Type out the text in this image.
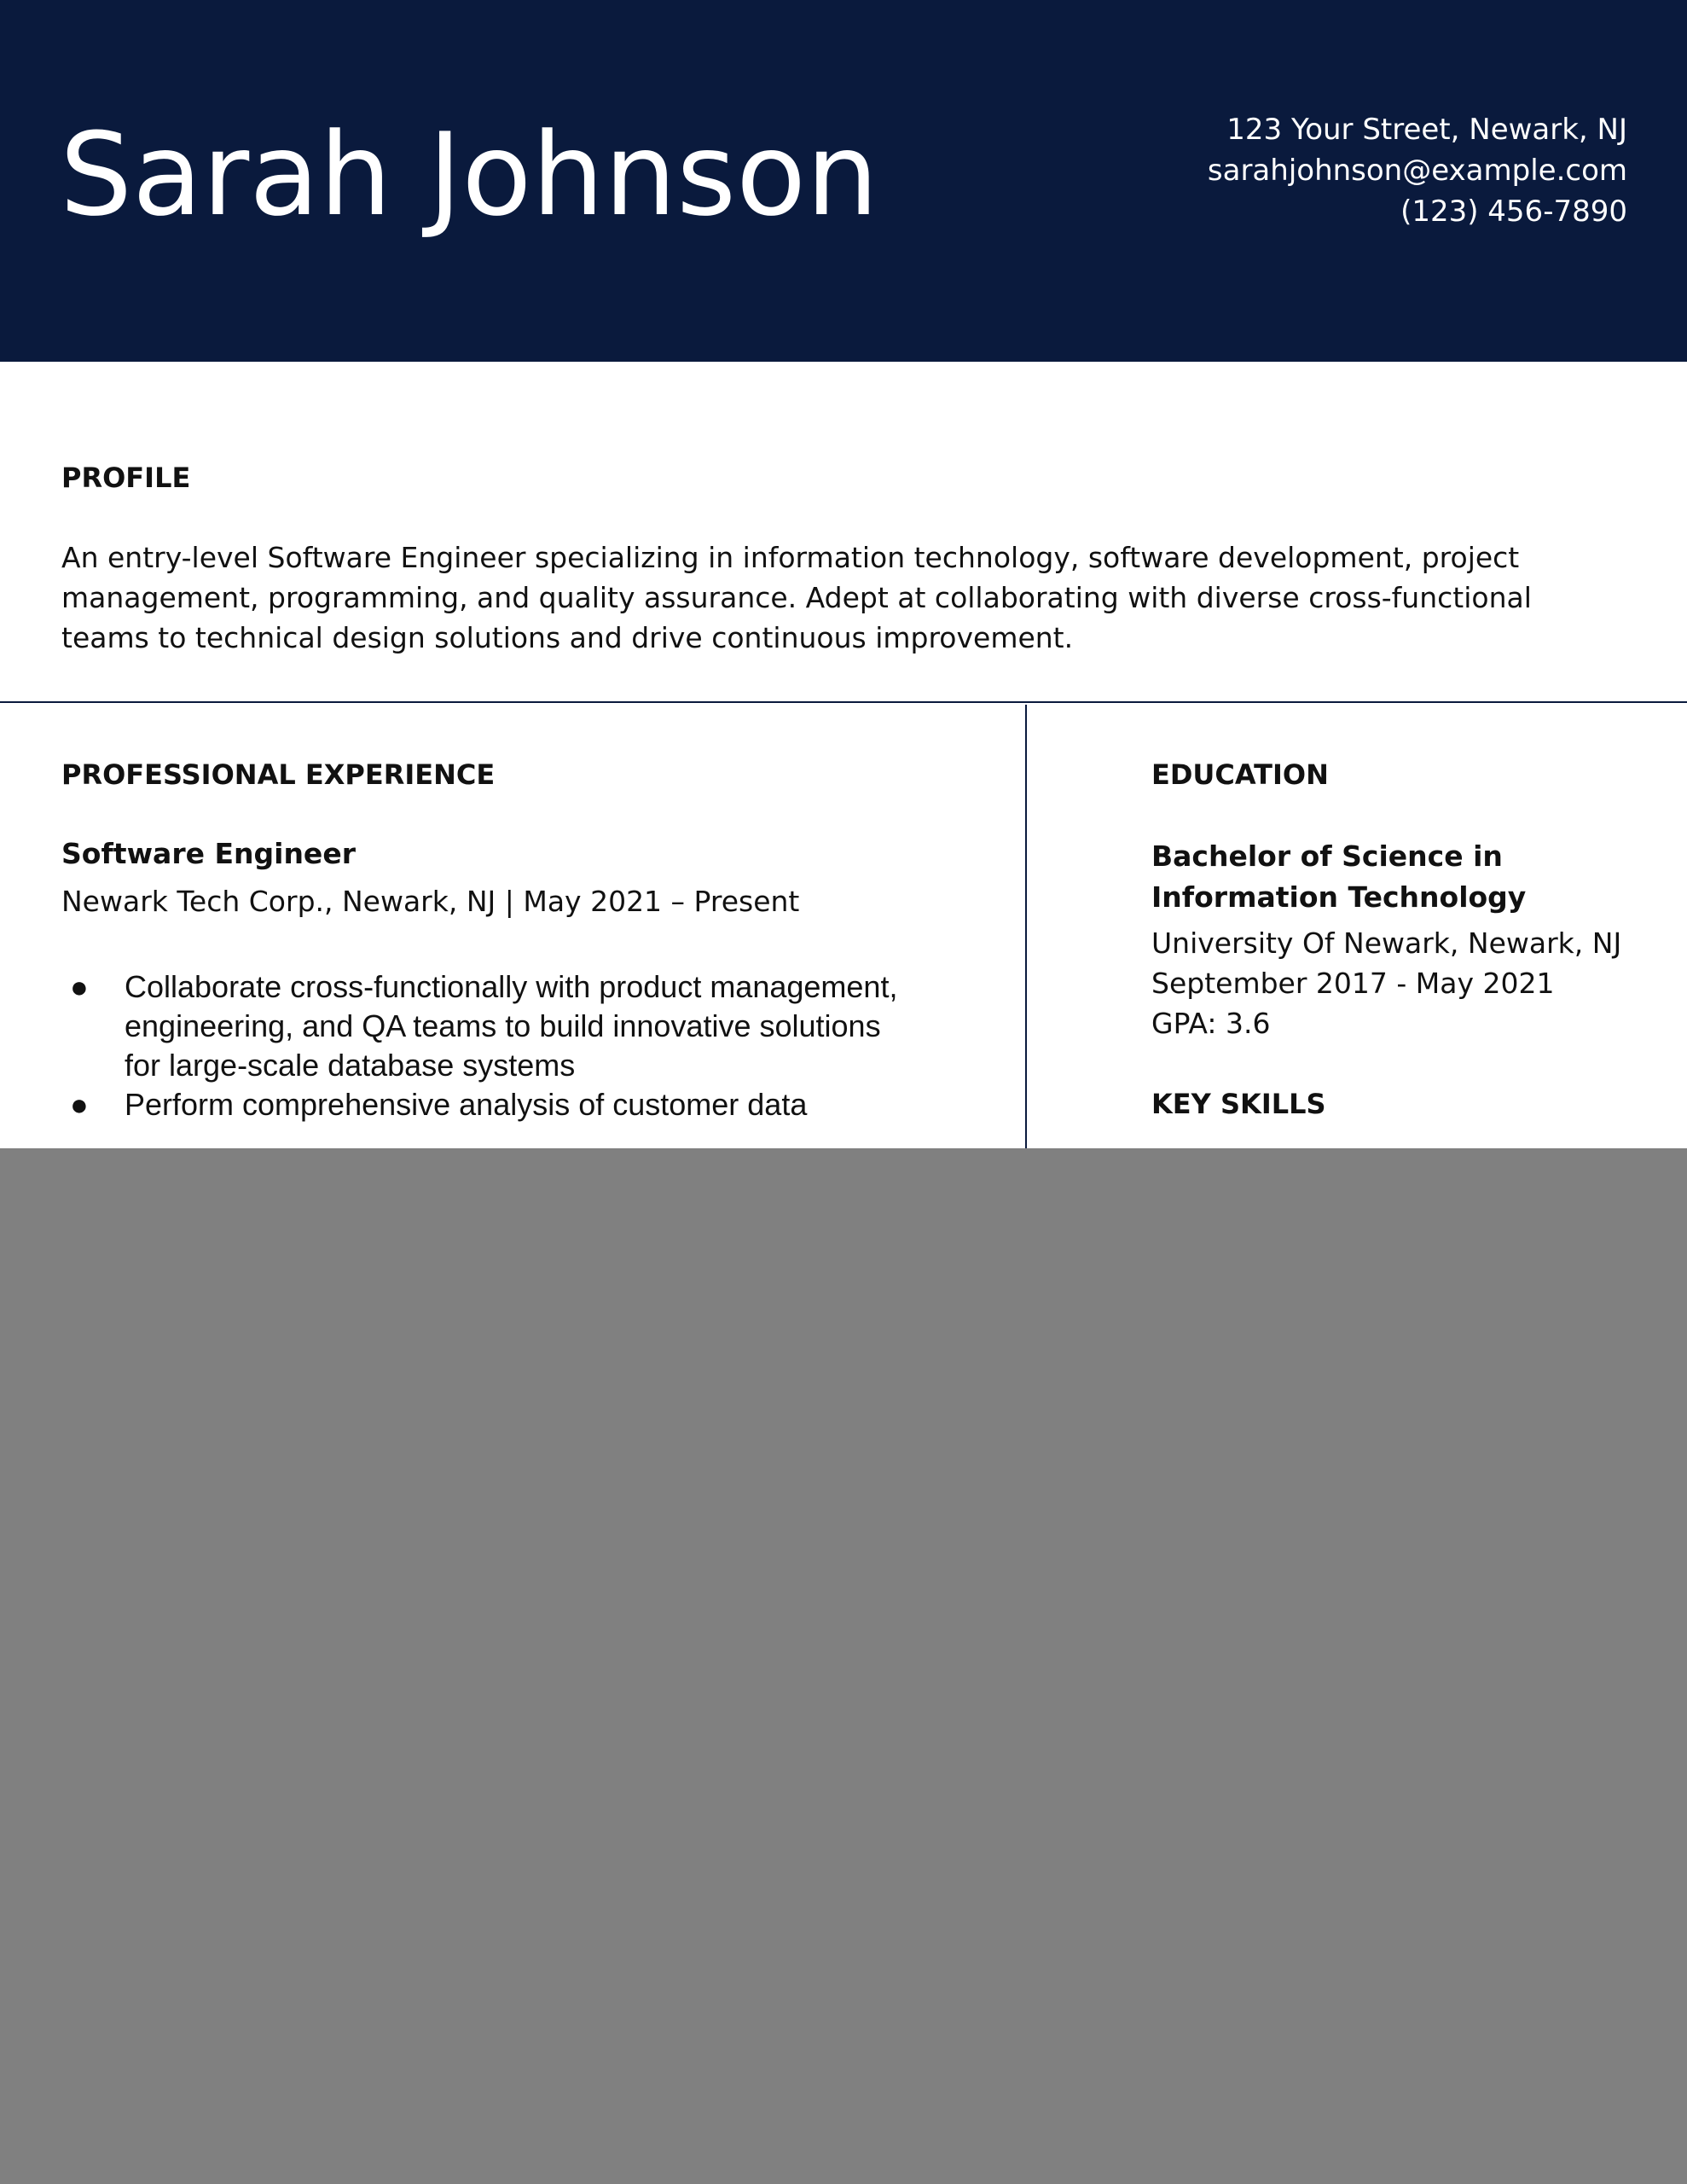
Sarah Johnson	123 Your Street, Newark, NJ
sarahjohnson@example.com
(123) 456-7890
PROFILE
An entry-level Software Engineer specializing in information technology, software development, project management, programming, and quality assurance. Adept at collaborating with diverse cross-functional teams to technical design solutions and drive continuous improvement.
PROFESSIONAL EXPERIENCE
Software Engineer
Newark Tech Corp., Newark, NJ | May 2021 – Present
● Collaborate cross-functionally with product management, engineering, and QA teams to build innovative solutions for large-scale database systems
● Perform comprehensive analysis of customer data
EDUCATION
Bachelor of Science in Information Technology
University Of Newark, Newark, NJ
September 2017 - May 2021
GPA: 3.6
KEY SKILLS
